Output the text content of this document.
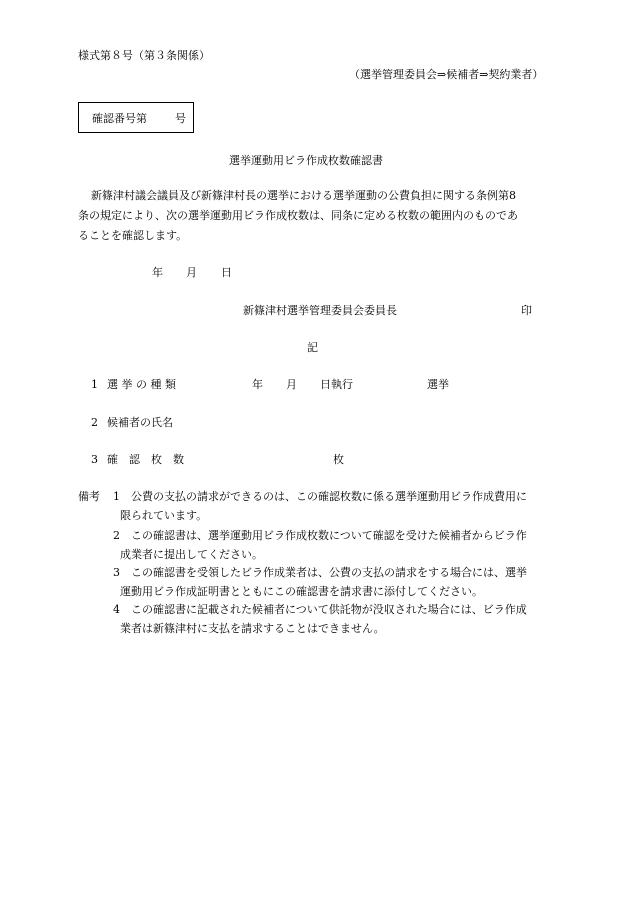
様式第８号（第３条関係）
（選挙管理委員会⇒候補者⇒契約業者）
確認番号第	号
選挙運動用ビラ作成枚数確認書
新篠津村議会議員及び新篠津村長の選挙における選挙運動の公費負担に関する条例第8
条の規定により、次の選挙運動用ビラ作成枚数は、同条に定める枚数の範囲内のものであ
ることを確認します。
年 月 日
新篠津村選挙管理委員会委員長	印
記
1 選 挙 の 種 類	年 月 日執行	選挙
2 候補者の氏名
3 確　認　枚　数	枚
備考 1　公費の支払の請求ができるのは、この確認枚数に係る選挙運動用ビラ作成費用に
限られています。
2　この確認書は、選挙運動用ビラ作成枚数について確認を受けた候補者からビラ作
成業者に提出してください。
3　この確認書を受領したビラ作成業者は、公費の支払の請求をする場合には、選挙
運動用ビラ作成証明書とともにこの確認書を請求書に添付してください。
4　この確認書に記載された候補者について供託物が没収された場合には、ビラ作成
業者は新篠津村に支払を請求することはできません。
